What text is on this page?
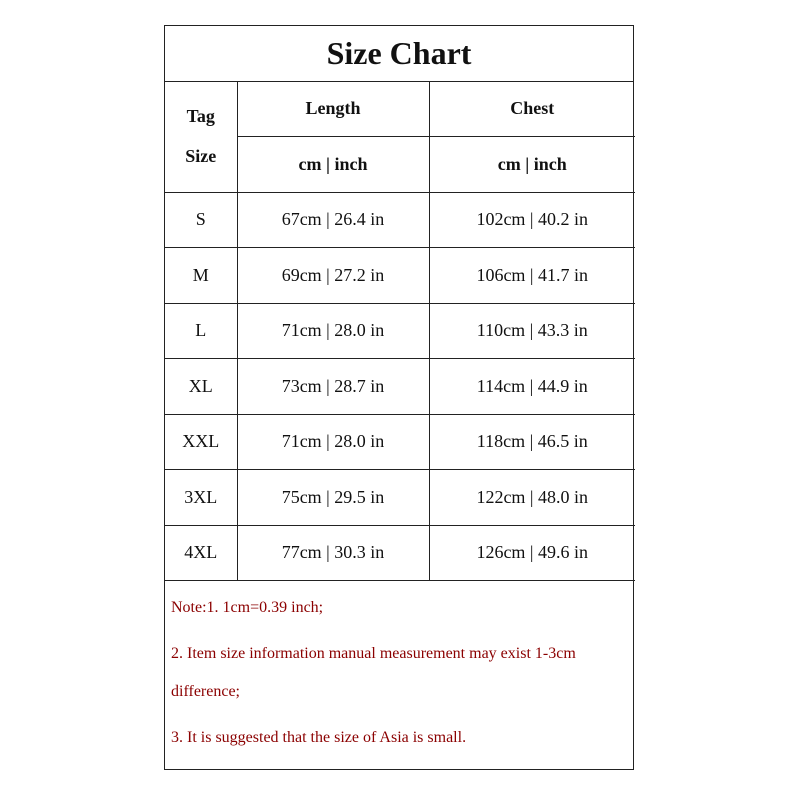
Size Chart
Tag
Size	Length	Chest
	cm | inch	cm | inch
S	67cm | 26.4 in	102cm | 40.2 in
M	69cm | 27.2 in	106cm | 41.7 in
L	71cm | 28.0 in	110cm | 43.3 in
XL	73cm | 28.7 in	114cm | 44.9 in
XXL	71cm | 28.0 in	118cm | 46.5 in
3XL	75cm | 29.5 in	122cm | 48.0 in
4XL	77cm | 30.3 in	126cm | 49.6 in
Note:1. 1cm=0.39 inch;
2. Item size information manual measurement may exist 1-3cm
difference;
3. It is suggested that the size of Asia is small.
